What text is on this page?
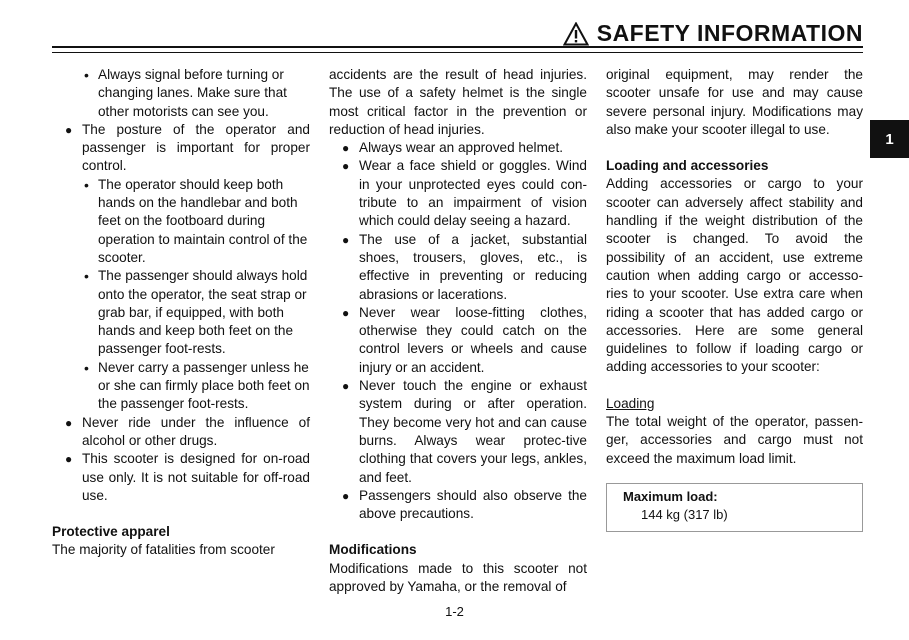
SAFETY INFORMATION
1

• Always signal before turning or changing lanes. Make sure that other motorists can see you.

● The posture of the operator and passenger is important for proper control.

• The operator should keep both hands on the handlebar and both feet on the footboard during operation to maintain control of the scooter.

• The passenger should always hold onto the operator, the seat strap or grab bar, if equipped, with both hands and keep both feet on the passenger foot-rests.

• Never carry a passenger unless he or she can firmly place both feet on the passenger foot-rests.

● Never ride under the influence of alcohol or other drugs.

● This scooter is designed for on-road use only. It is not suitable for off-road use.

Protective apparel

The majority of fatalities from scooter

accidents are the result of head injuries. The use of a safety helmet is the single most critical factor in the prevention or reduction of head injuries.

● Always wear an approved helmet.

● Wear a face shield or goggles. Wind in your unprotected eyes could con-tribute to an impairment of vision which could delay seeing a hazard.

● The use of a jacket, substantial shoes, trousers, gloves, etc., is effective in preventing or reducing abrasions or lacerations.

● Never wear loose-fitting clothes, otherwise they could catch on the control levers or wheels and cause injury or an accident.

● Never touch the engine or exhaust system during or after operation. They become very hot and can cause burns. Always wear protec-tive clothing that covers your legs, ankles, and feet.

● Passengers should also observe the above precautions.

Modifications

Modifications made to this scooter not approved by Yamaha, or the removal of

original equipment, may render the scooter unsafe for use and may cause severe personal injury. Modifications may also make your scooter illegal to use.

Loading and accessories

Adding accessories or cargo to your scooter can adversely affect stability and handling if the weight distribution of the scooter is changed. To avoid the possibility of an accident, use extreme caution when adding cargo or accesso-ries to your scooter. Use extra care when riding a scooter that has added cargo or accessories. Here are some general guidelines to follow if loading cargo or adding accessories to your scooter:

Loading

The total weight of the operator, passen-ger, accessories and cargo must not exceed the maximum load limit.

Maximum load:
144 kg (317 lb)
1-2
